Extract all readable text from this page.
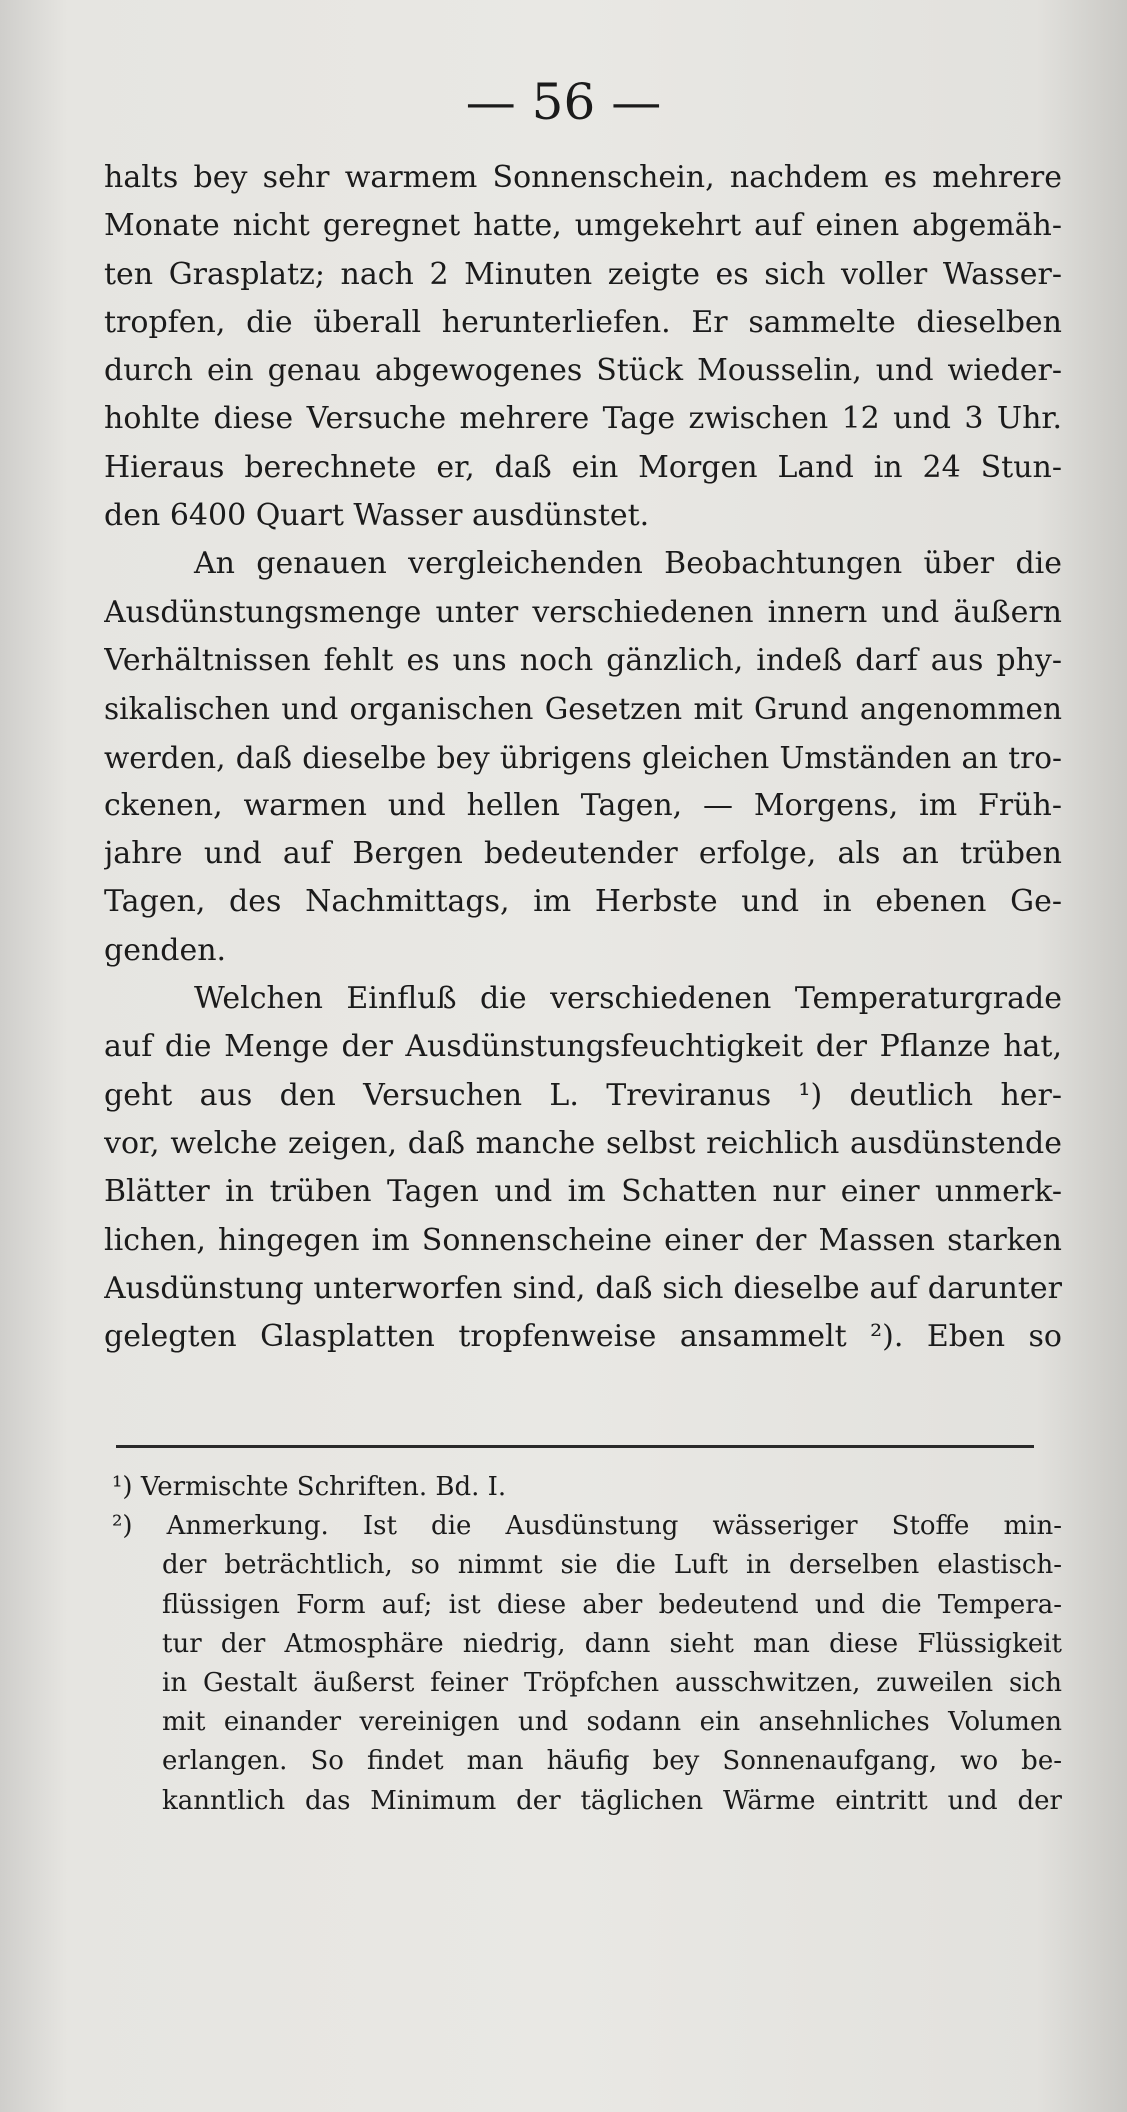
— 56 —
halts bey sehr warmem Sonnenschein, nachdem es mehrere
Monate nicht geregnet hatte, umgekehrt auf einen abgemäh-
ten Grasplatz; nach 2 Minuten zeigte es sich voller Wasser-
tropfen, die überall herunterliefen. Er sammelte dieselben
durch ein genau abgewogenes Stück Mousselin, und wieder-
hohlte diese Versuche mehrere Tage zwischen 12 und 3 Uhr.
Hieraus berechnete er, daß ein Morgen Land in 24 Stun-
den 6400 Quart Wasser ausdünstet.
An genauen vergleichenden Beobachtungen über die
Ausdünstungsmenge unter verschiedenen innern und äußern
Verhältnissen fehlt es uns noch gänzlich, indeß darf aus phy-
sikalischen und organischen Gesetzen mit Grund angenommen
werden, daß dieselbe bey übrigens gleichen Umständen an tro-
ckenen, warmen und hellen Tagen, — Morgens, im Früh-
jahre und auf Bergen bedeutender erfolge, als an trüben
Tagen, des Nachmittags, im Herbste und in ebenen Ge-
genden.
Welchen Einfluß die verschiedenen Temperaturgrade
auf die Menge der Ausdünstungsfeuchtigkeit der Pflanze hat,
geht aus den Versuchen L. Treviranus ¹) deutlich her-
vor, welche zeigen, daß manche selbst reichlich ausdünstende
Blätter in trüben Tagen und im Schatten nur einer unmerk-
lichen, hingegen im Sonnenscheine einer der Massen starken
Ausdünstung unterworfen sind, daß sich dieselbe auf darunter
gelegten Glasplatten tropfenweise ansammelt ²). Eben so
¹) Vermischte Schriften. Bd. I.
²) Anmerkung. Ist die Ausdünstung wässeriger Stoffe min-
der beträchtlich, so nimmt sie die Luft in derselben elastisch-
flüssigen Form auf; ist diese aber bedeutend und die Tempera-
tur der Atmosphäre niedrig, dann sieht man diese Flüssigkeit
in Gestalt äußerst feiner Tröpfchen ausschwitzen, zuweilen sich
mit einander vereinigen und sodann ein ansehnliches Volumen
erlangen. So findet man häufig bey Sonnenaufgang, wo be-
kanntlich das Minimum der täglichen Wärme eintritt und der
